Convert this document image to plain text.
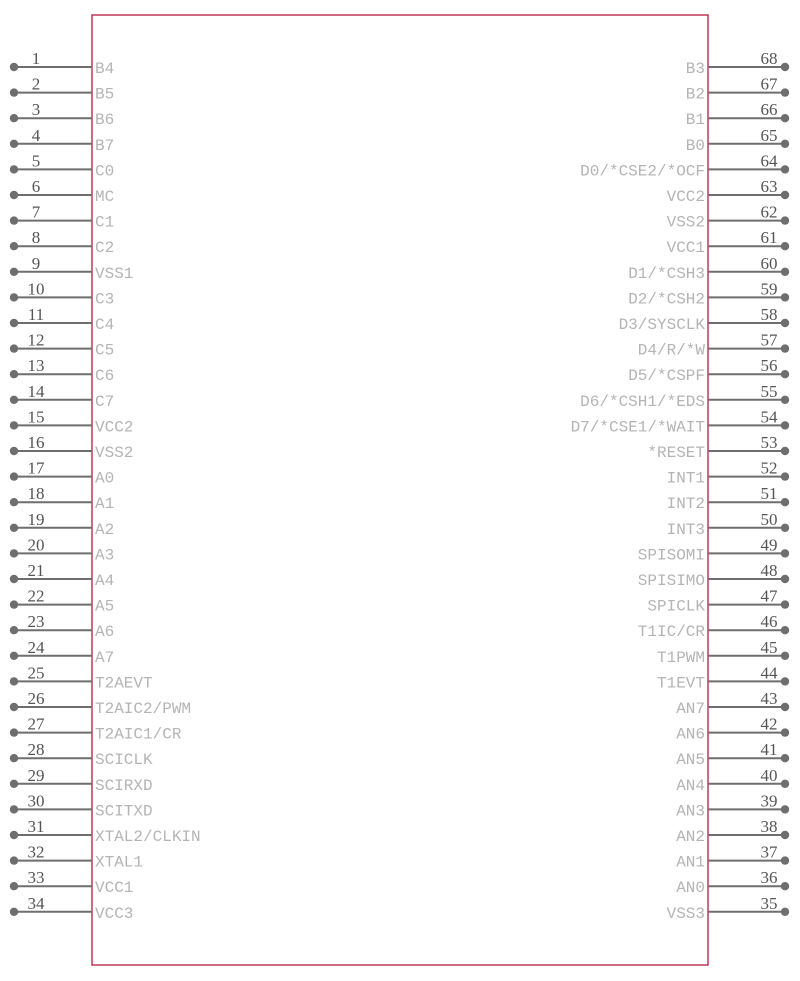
1
B4
2
B5
3
B6
4
B7
5
C0
6
MC
7
C1
8
C2
9
VSS1
10
C3
11
C4
12
C5
13
C6
14
C7
15
VCC2
16
VSS2
17
A0
18
A1
19
A2
20
A3
21
A4
22
A5
23
A6
24
A7
25
T2AEVT
26
T2AIC2/PWM
27
T2AIC1/CR
28
SCICLK
29
SCIRXD
30
SCITXD
31
XTAL2/CLKIN
32
XTAL1
33
VCC1
34
VCC3
68
B3
67
B2
66
B1
65
B0
64
D0/*CSE2/*OCF
63
VCC2
62
VSS2
61
VCC1
60
D1/*CSH3
59
D2/*CSH2
58
D3/SYSCLK
57
D4/R/*W
56
D5/*CSPF
55
D6/*CSH1/*EDS
54
D7/*CSE1/*WAIT
53
*RESET
52
INT1
51
INT2
50
INT3
49
SPISOMI
48
SPISIMO
47
SPICLK
46
T1IC/CR
45
T1PWM
44
T1EVT
43
AN7
42
AN6
41
AN5
40
AN4
39
AN3
38
AN2
37
AN1
36
AN0
35
VSS3
